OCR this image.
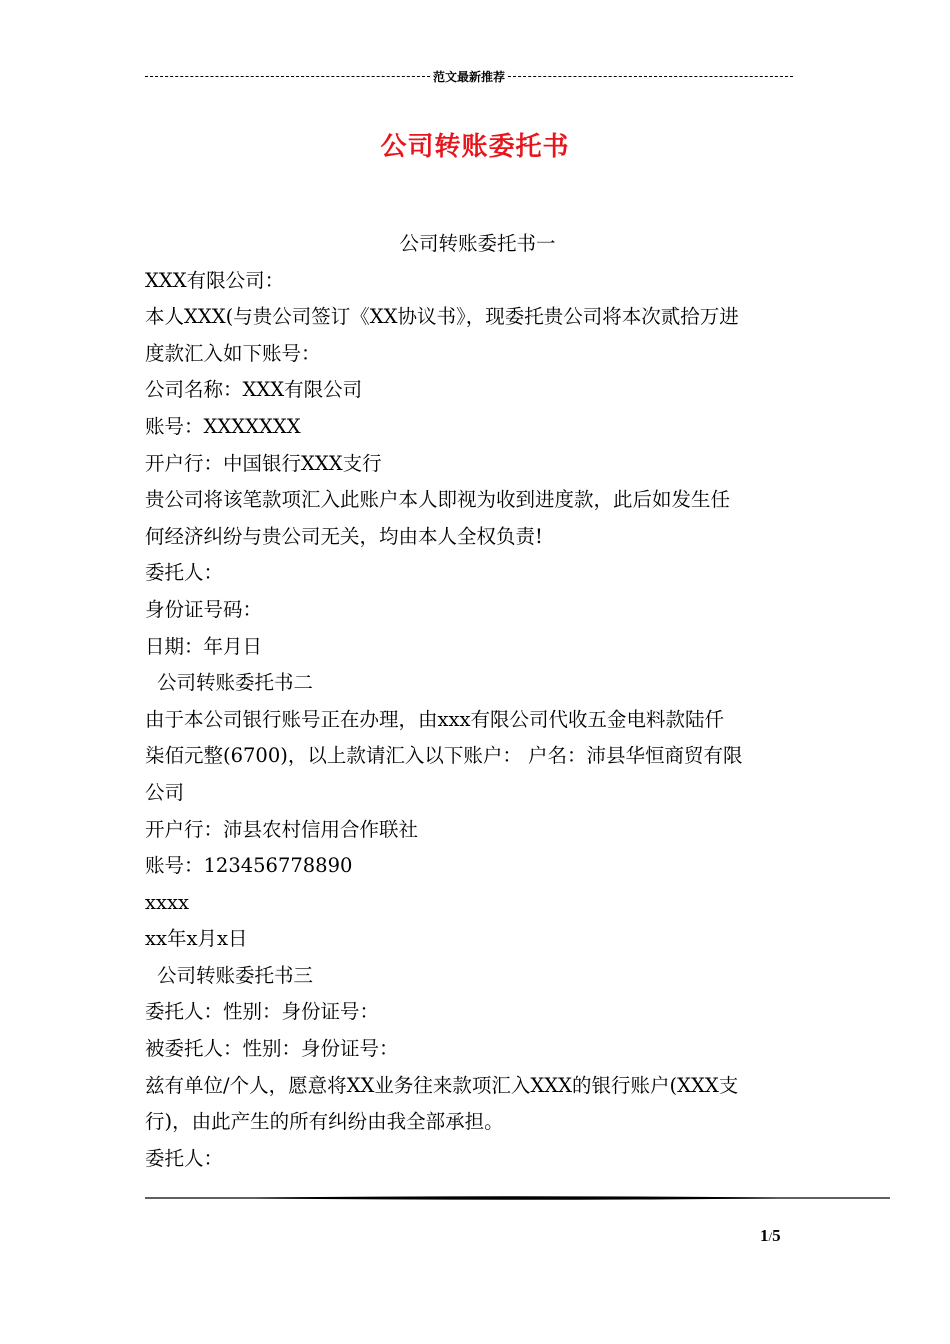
范文最新推荐
公司转账委托书
公司转账委托书一
XXX有限公司：
本人XXX(与贵公司签订《XX协议书》，现委托贵公司将本次贰拾万进
度款汇入如下账号：
公司名称：XXX有限公司
账号：XXXXXXX
开户行：中国银行XXX支行
贵公司将该笔款项汇入此账户本人即视为收到进度款，此后如发生任
何经济纠纷与贵公司无关，均由本人全权负责!
委托人：
身份证号码：
日期：年月日
公司转账委托书二
由于本公司银行账号正在办理，由xxx有限公司代收五金电料款陆仟
柒佰元整(6700)，以上款请汇入以下账户： 户名：沛县华恒商贸有限
公司
开户行：沛县农村信用合作联社
账号：123456778890
xxxx
xx年x月x日
公司转账委托书三
委托人：性别：身份证号：
被委托人：性别：身份证号：
兹有单位/个人，愿意将XX业务往来款项汇入XXX的银行账户(XXX支
行)，由此产生的所有纠纷由我全部承担。
委托人：
1/5
